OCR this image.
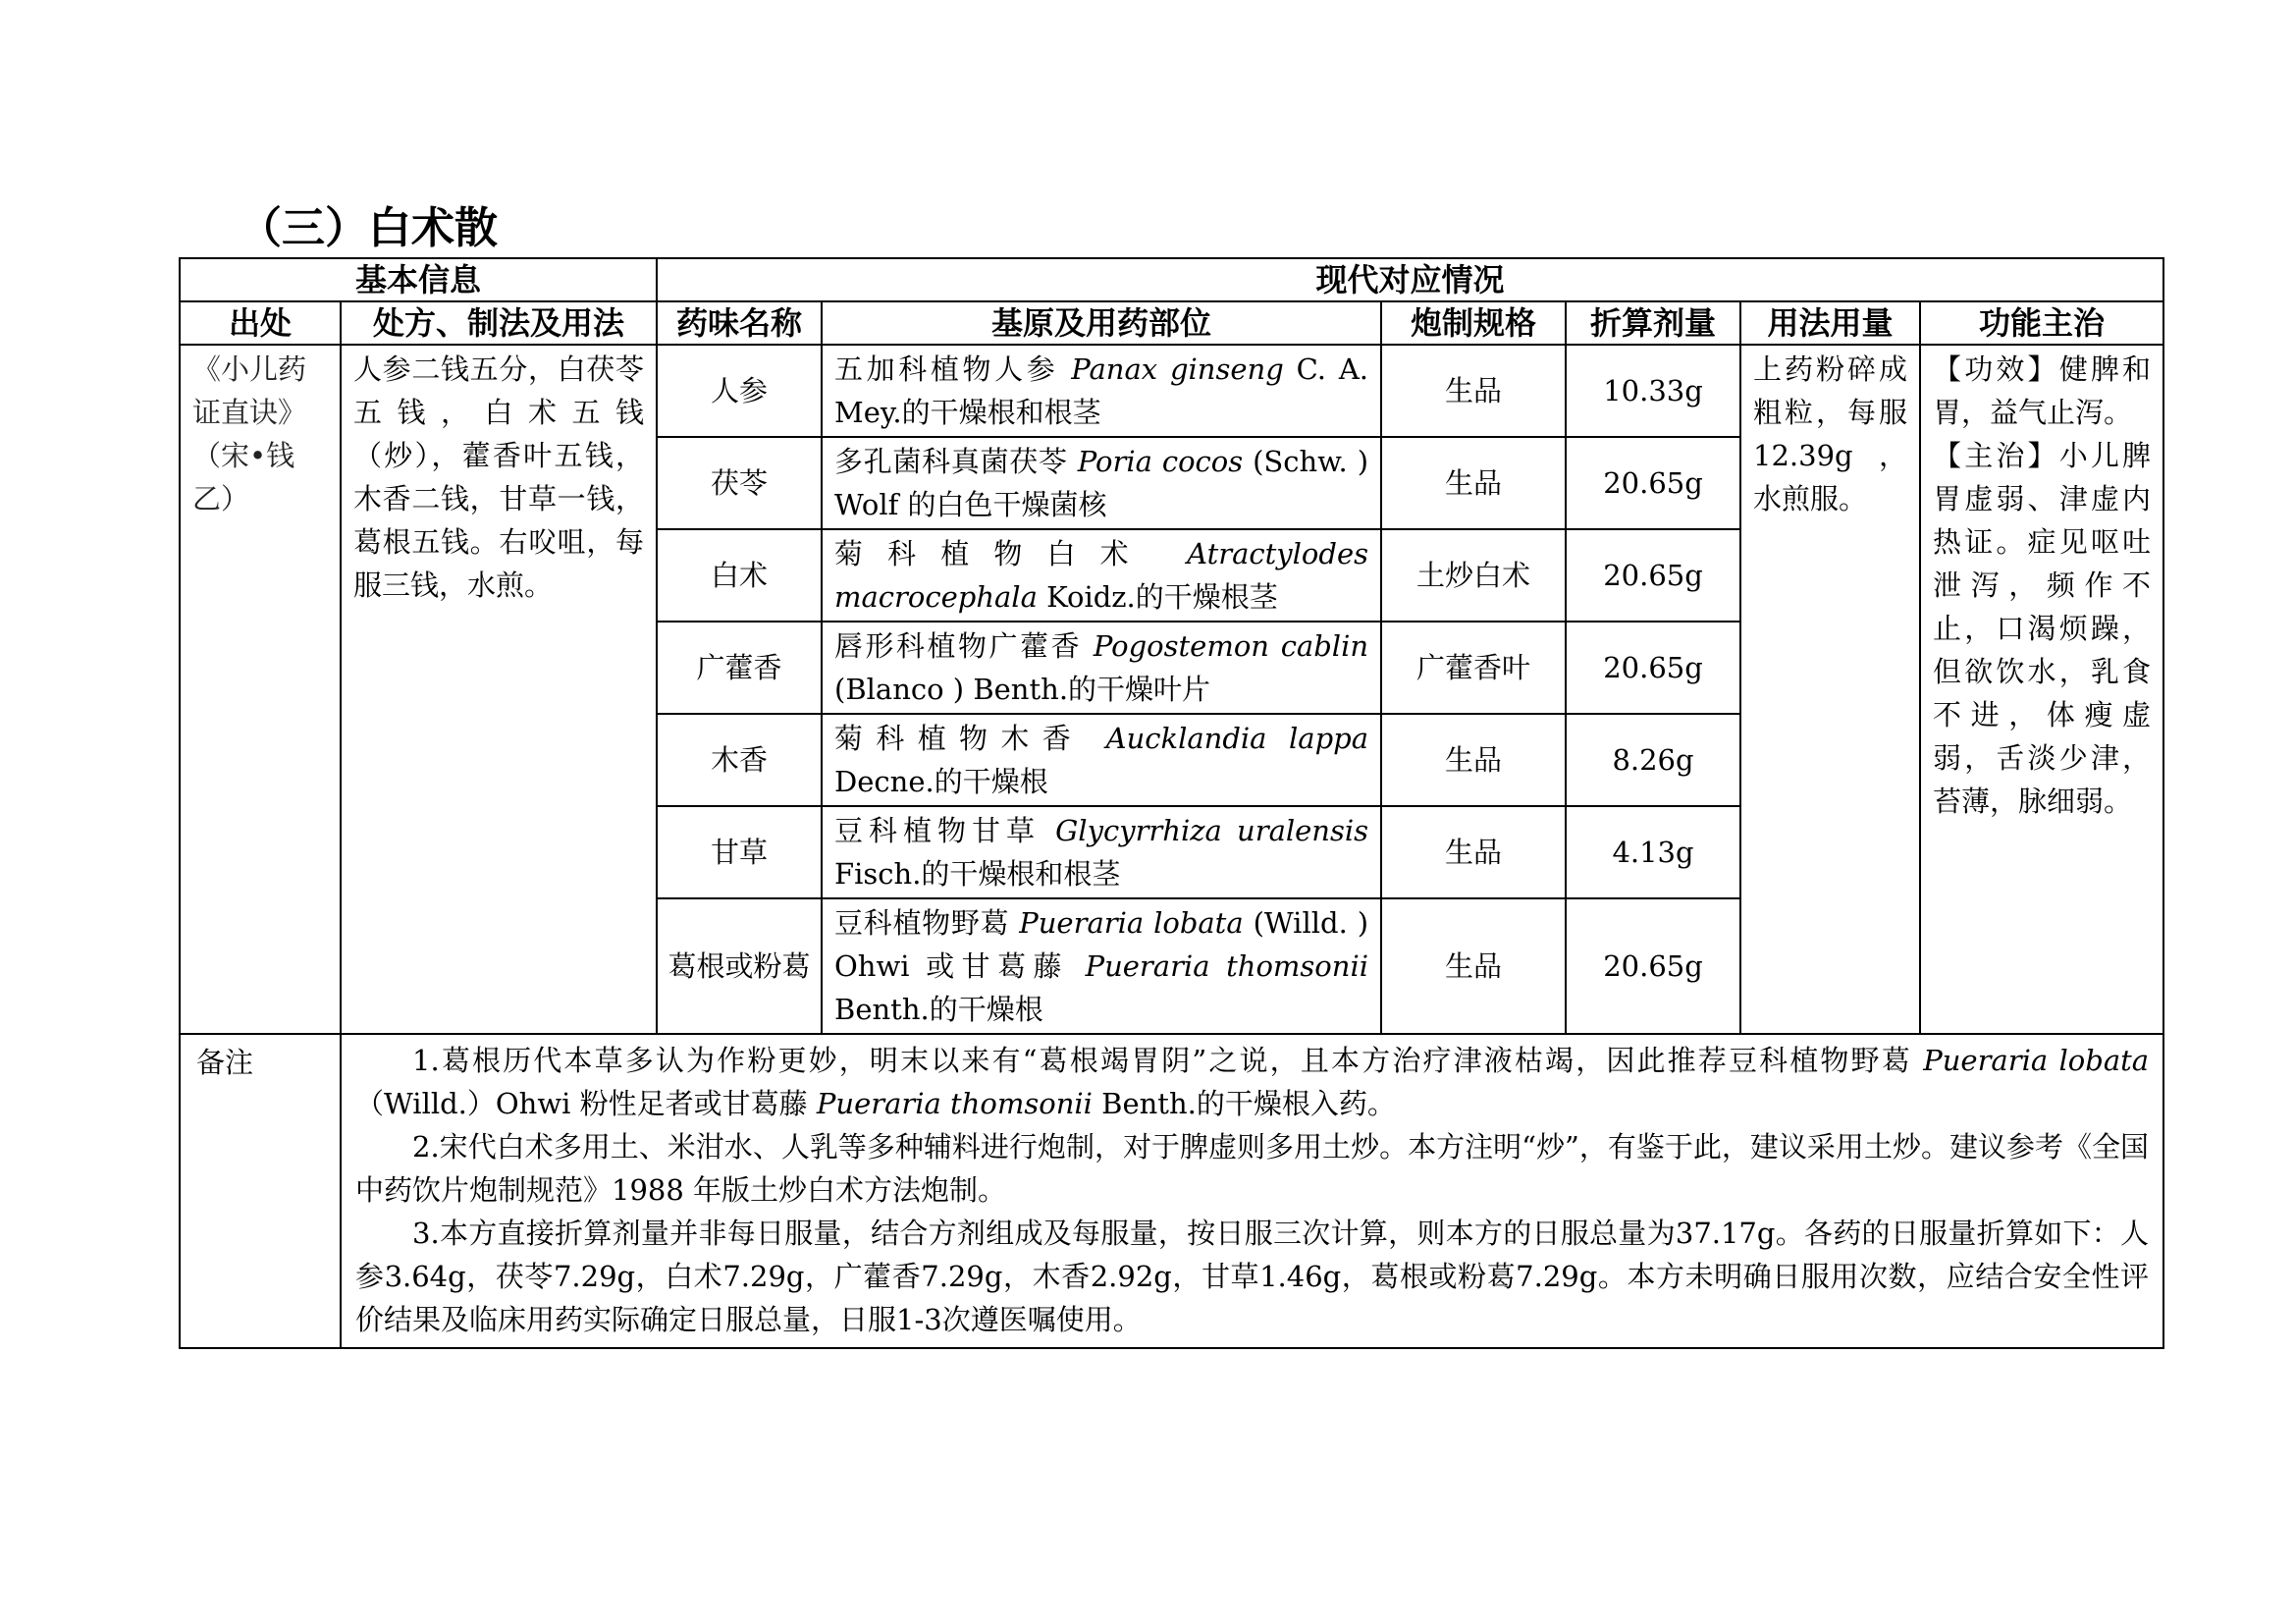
（三）白术散
基本信息		现代对应情况					
出处	处方、制法及用法	药味名称	基原及用药部位	炮制规格	折算剂量	用法用量	功能主治
《小儿药证直诀》（宋•钱乙）	人参二钱五分，白茯苓五钱，白术五钱（炒），藿香叶五钱，木香二钱，甘草一钱，葛根五钱。右㕮咀，每服三钱，水煎。	人参	五加科植物人参 Panax ginseng C. A. Mey.的干燥根和根茎	生品	10.33g	上药粉碎成粗粒，每服12.39g，水煎服。	【功效】健脾和胃，益气止泻。
【主治】小儿脾胃虚弱、津虚内热证。症见呕吐泄泻，频作不止，口渴烦躁，但欲饮水，乳食不进，体瘦虚弱，舌淡少津，苔薄，脉细弱。

		茯苓	多孔菌科真菌茯苓 Poria cocos (Schw. ) Wolf 的白色干燥菌核	生品	20.65g		
		白术	菊科植物白术 Atractylodes macrocephala Koidz.的干燥根茎	土炒白术	20.65g		
		广藿香	唇形科植物广藿香 Pogostemon cablin (Blanco ) Benth.的干燥叶片	广藿香叶	20.65g		
		木香	菊科植物木香 Aucklandia lappa Decne.的干燥根	生品	8.26g		
		甘草	豆科植物甘草 Glycyrrhiza uralensis Fisch.的干燥根和根茎	生品	4.13g		
		葛根或粉葛	豆科植物野葛 Pueraria lobata (Willd. ) Ohwi 或甘葛藤 Pueraria thomsonii Benth.的干燥根	生品	20.65g		
备注	1.葛根历代本草多认为作粉更妙，明末以来有“葛根竭胃阴”之说，且本方治疗津液枯竭，因此推荐豆科植物野葛 Pueraria lobata（Willd.）Ohwi 粉性足者或甘葛藤 Pueraria thomsonii Benth.的干燥根入药。

2.宋代白术多用土、米泔水、人乳等多种辅料进行炮制，对于脾虚则多用土炒。本方注明“炒”，有鉴于此，建议采用土炒。建议参考《全国中药饮片炮制规范》1988 年版土炒白术方法炮制。

3.本方直接折算剂量并非每日服量，结合方剂组成及每服量，按日服三次计算，则本方的日服总量为37.17g。各药的日服量折算如下：人参3.64g，茯苓7.29g，白术7.29g，广藿香7.29g，木香2.92g，甘草1.46g，葛根或粉葛7.29g。本方未明确日服用次数，应结合安全性评价结果及临床用药实际确定日服总量，日服1-3次遵医嘱使用。						
